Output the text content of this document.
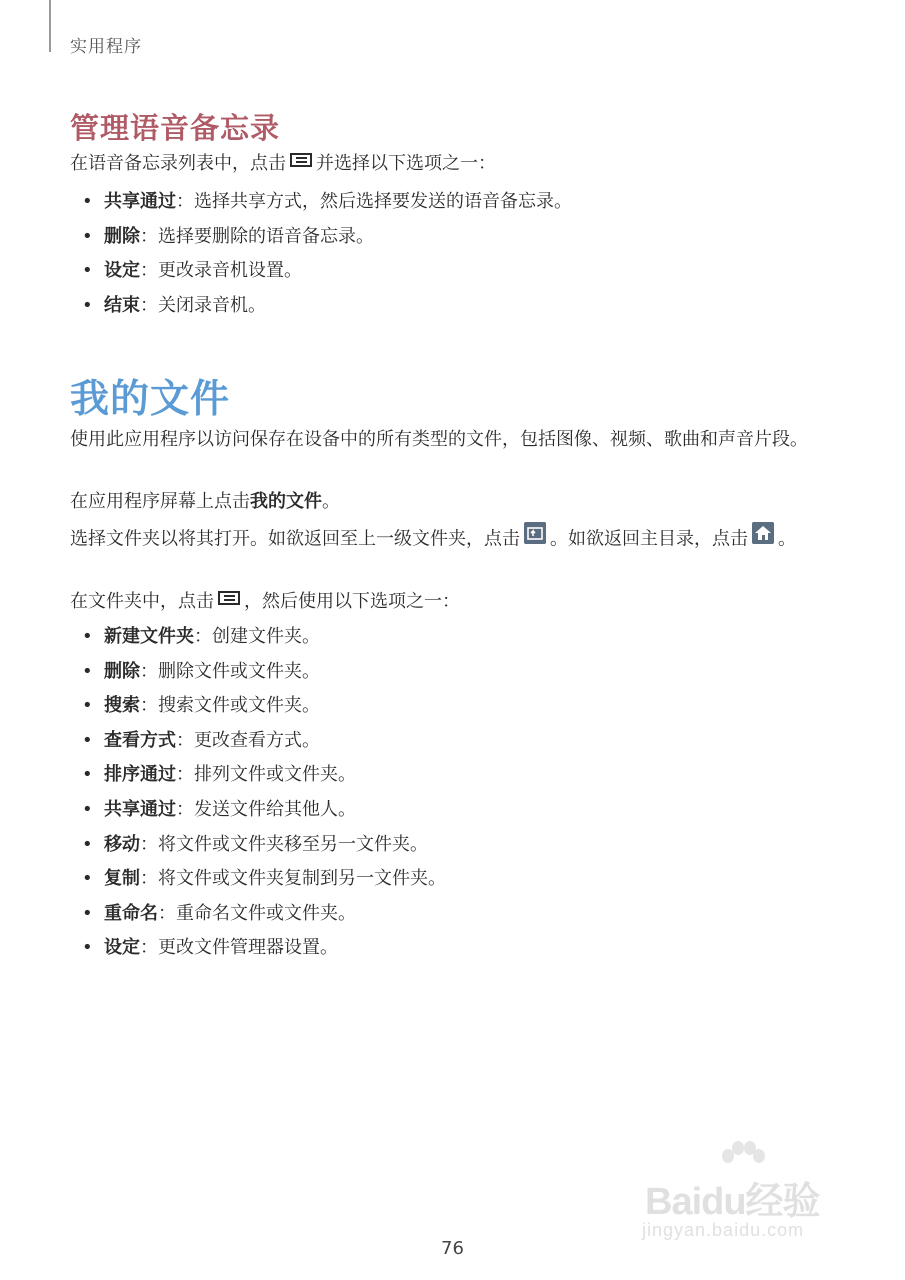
实用程序
管理语音备忘录
在语音备忘录列表中，点击 并选择以下选项之一：
• 共享通过：选择共享方式，然后选择要发送的语音备忘录。
• 删除：选择要删除的语音备忘录。
• 设定：更改录音机设置。
• 结束：关闭录音机。
我的文件
使用此应用程序以访问保存在设备中的所有类型的文件，包括图像、视频、歌曲和声音片段。
在应用程序屏幕上点击我的文件。
选择文件夹以将其打开。如欲返回至上一级文件夹，点击 。如欲返回主目录，点击 。
在文件夹中，点击 ，然后使用以下选项之一：
• 新建文件夹：创建文件夹。
• 删除：删除文件或文件夹。
• 搜索：搜索文件或文件夹。
• 查看方式：更改查看方式。
• 排序通过：排列文件或文件夹。
• 共享通过：发送文件给其他人。
• 移动：将文件或文件夹移至另一文件夹。
• 复制：将文件或文件夹复制到另一文件夹。
• 重命名：重命名文件或文件夹。
• 设定：更改文件管理器设置。
Baidu经验
jingyan.baidu.com
76
